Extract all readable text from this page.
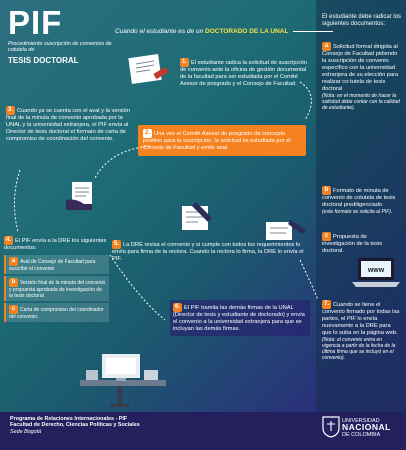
PIF
Procedimiento suscripción de convenios de cotutela de
TESIS DOCTORAL
Cuando el estudiante es de un DOCTORADO DE LA UNAL
El estudiante debe radicar los siguientes documentos:
a Solicitud formal dirigida al Consejo de Facultad pidiendo la suscripción de convenio específico con la universidad extranjera de su elección para realizar co-tutela de tesis doctoral
(Nota: en el momento de hacer la solicitud debe contar con la calidad de estudiante).
b Formato de minuta de convenio de cotutela de tesis doctoral prediligenciado
(este formato se solicita al PIF).
c Propuesta de investigación de la tesis doctoral.
www
7. Cuando se tiene el convenio firmado por todas las partes, el PIF lo envía nuevamente a la DRE para que lo suba en la página web.
(Nota: el convenio entra en vigencia a partir de la fecha de la última firma que se incluyó en el convenio).
1. El estudiante radica la solicitud de suscripción de convenio ante la oficina de gestión documental de la facultad para ser estudiada por el Comité Asesor de posgrado y el Consejo de Facultad.
2. Una vez el Comité Asesor de posgrado da concepto positivo para la suscripción, la solicitud es estudiada por el Consejo de Facultad y emite aval.
3. Cuando ya se cuenta con el aval y la versión final de la minuta de convenio aprobada por la UNAL y la universidad extranjera, el PIF envía al Director de tesis doctoral el formato de carta de compromiso de coordinación del convenio.
4. El PIF envía a la DRE los siguientes documentos:
a Aval de Consejo de Facultad para suscribir el convenio
b Versión final de la minuta del convenio y propuesta aprobada de investigación de la tesis doctoral
c Carta de compromiso del coordinador del convenio.
5. La DRE revisa el convenio y si cumple con todos los requerimientos lo envía para firma de la rectora. Cuando la rectora lo firma, la DRE lo envía el PIF.
6. El PIF tramita las demás firmas de la UNAL (Director de tesis y estudiante de doctorado) y envía el convenio a la universidad extranjera para que se incluyan las demás firmas.
Programa de Relaciones Internacionales - PIF
Facultad de Derecho, Ciencias Políticas y Sociales
Sede Bogotá
UNIVERSIDAD
NACIONAL
DE COLOMBIA
